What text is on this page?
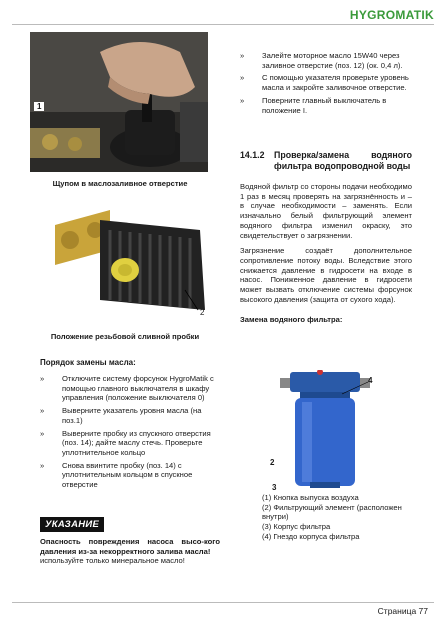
HYGROMATIK
1
Щупом в маслозаливное отверстие
2
Положение резьбовой сливной пробки
Порядок замены масла:
» Отключите систему форсунок HygroMatik с помощью главного выключателя в шкафу управления (положение выключателя 0)
» Выверните указатель уровня масла (на поз.1)
» Выверните пробку из спускного отверстия (поз. 14); дайте маслу стечь. Проверьте уплотнительное кольцо
» Снова ввинтите пробку (поз. 14) с уплотнительным кольцом в спускное отверстие
УКАЗАНИЕ
Опасность повреждения насоса высо-кого давления из-за некорректного залива масла!
используйте только минеральное масло!
» Залейте моторное масло 15W40 через заливное отверстие (поз. 12) (ок. 0,4 л).
» С помощью указателя проверьте уровень масла и закройте заливочное отверстие.
» Поверните главный выключатель в положение I.
14.1.2	Проверка/замена водяного фильтра водопроводной воды
Водяной фильтр со стороны подачи необходимо 1 раз в месяц проверять на загрязнённость и – в случае необходимости – заменять. Если изначально белый фильтрующий элемент водяного фильтра изменил окраску, это свидетельствует о загрязнении.
Загрязнение создаёт дополнительное сопротивление потоку воды. Вследствие этого снижается давление в гидросети на входе в насос. Пониженное давление в гидросети может вызвать отключение системы форсунок высокого давления (защита от сухого хода).
Замена водяного фильтра:
4
2
3
(1) Кнопка выпуска воздуха
(2) Фильтрующий элемент (расположен внутри)
(3) Корпус фильтра
(4) Гнездо корпуса фильтра
Страница 77
